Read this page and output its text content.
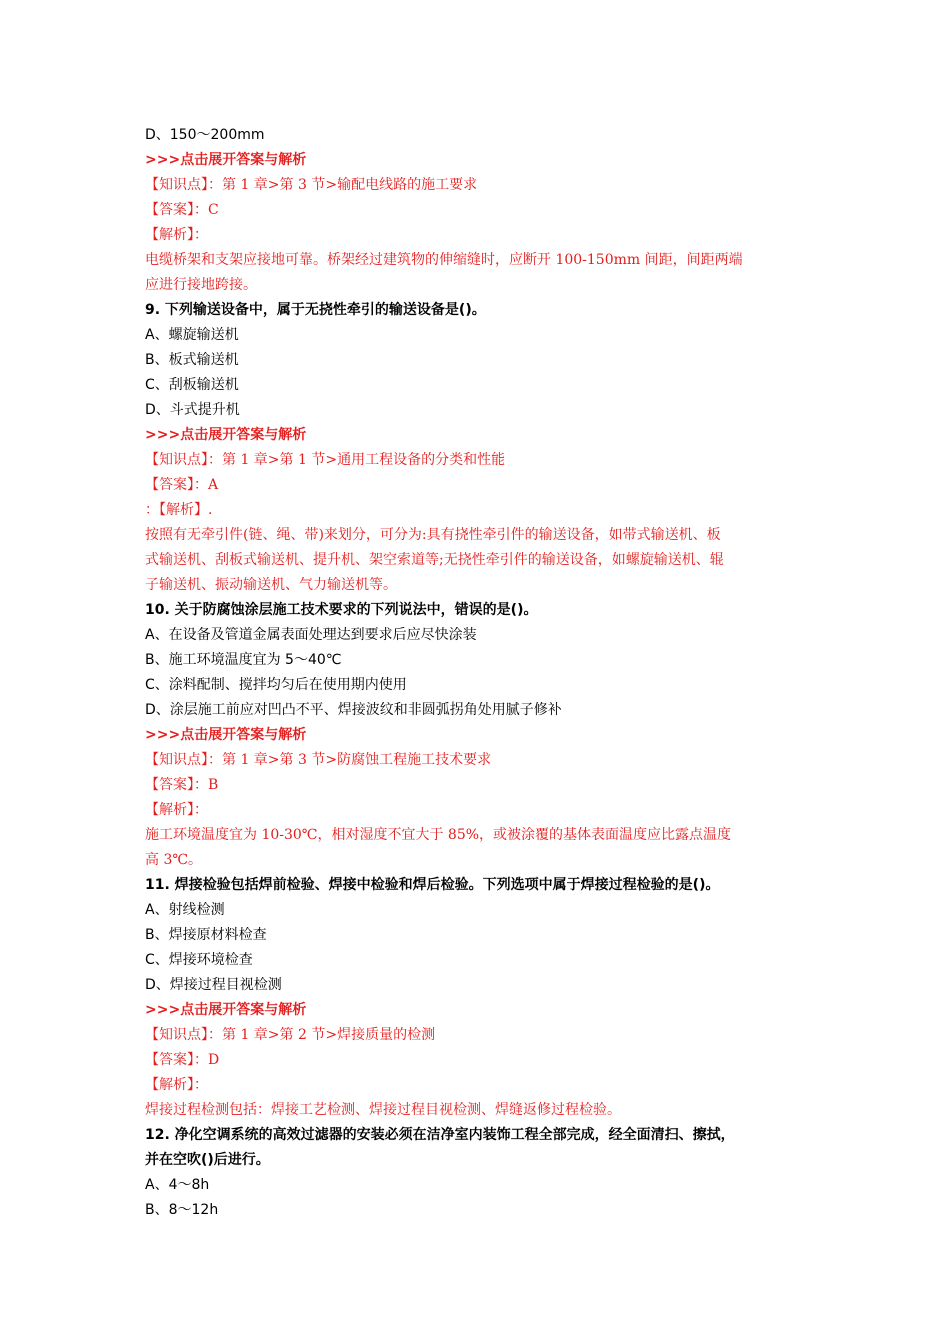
D、150～200mm
>>>点击展开答案与解析
【知识点】：第 1 章>第 3 节>输配电线路的施工要求
【答案】：C
【解析】：
电缆桥架和支架应接地可靠。桥架经过建筑物的伸缩缝时，应断开 100-150mm 间距，间距两端
应进行接地跨接。
9. 下列输送设备中，属于无挠性牵引的输送设备是()。
A、螺旋输送机
B、板式输送机
C、刮板输送机
D、斗式提升机
>>>点击展开答案与解析
【知识点】：第 1 章>第 1 节>通用工程设备的分类和性能
【答案】：A
：【解析】.
按照有无牵引件(链、绳、带)来划分，可分为:具有挠性牵引件的输送设备，如带式输送机、板
式输送机、刮板式输送机、提升机、架空索道等;无挠性牵引件的输送设备，如螺旋输送机、辊
子输送机、振动输送机、气力输送机等。
10. 关于防腐蚀涂层施工技术要求的下列说法中，错误的是()。
A、在设备及管道金属表面处理达到要求后应尽快涂装
B、施工环境温度宜为 5～40℃
C、涂料配制、搅拌均匀后在使用期内使用
D、涂层施工前应对凹凸不平、焊接波纹和非圆弧拐角处用腻子修补
>>>点击展开答案与解析
【知识点】：第 1 章>第 3 节>防腐蚀工程施工技术要求
【答案】：B
【解析】：
施工环境温度宜为 10-30℃，相对湿度不宜大于 85%，或被涂覆的基体表面温度应比露点温度
高 3℃。
11. 焊接检验包括焊前检验、焊接中检验和焊后检验。下列选项中属于焊接过程检验的是()。
A、射线检测
B、焊接原材料检查
C、焊接环境检查
D、焊接过程目视检测
>>>点击展开答案与解析
【知识点】：第 1 章>第 2 节>焊接质量的检测
【答案】：D
【解析】：
焊接过程检测包括：焊接工艺检测、焊接过程目视检测、焊缝返修过程检验。
12. 净化空调系统的高效过滤器的安装必须在洁净室内装饰工程全部完成，经全面清扫、擦拭，
并在空吹()后进行。
A、4～8h
B、8～12h
